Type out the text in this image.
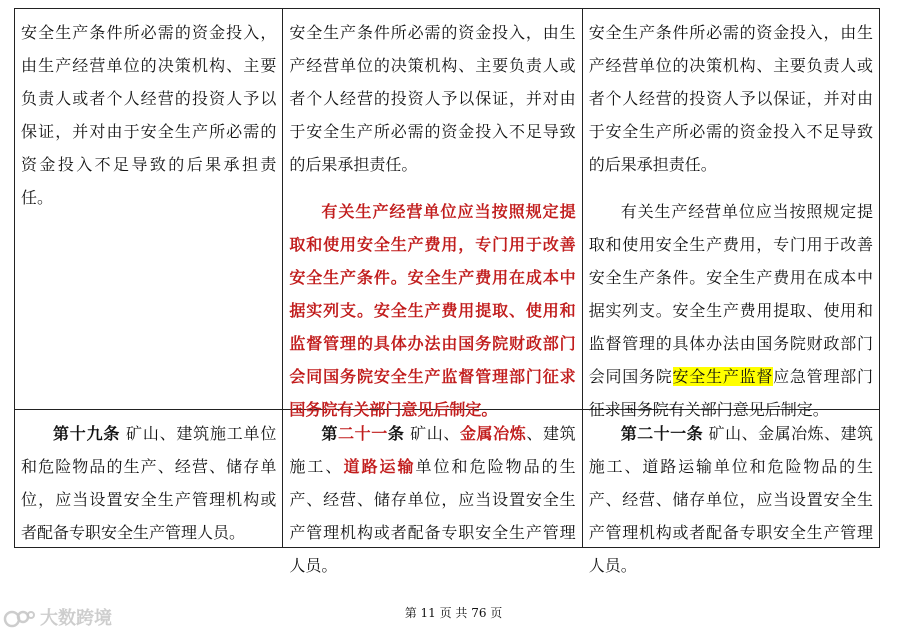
安全生产条件所必需的资金投入，由生产经营单位的决策机构、主要负责人或者个人经营的投资人予以保证，并对由于安全生产所必需的资金投入不足导致的后果承担责任。
安全生产条件所必需的资金投入，由生产经营单位的决策机构、主要负责人或者个人经营的投资人予以保证，并对由于安全生产所必需的资金投入不足导致的后果承担责任。
有关生产经营单位应当按照规定提取和使用安全生产费用，专门用于改善安全生产条件。安全生产费用在成本中据实列支。安全生产费用提取、使用和监督管理的具体办法由国务院财政部门会同国务院安全生产监督管理部门征求国务院有关部门意见后制定。
安全生产条件所必需的资金投入，由生产经营单位的决策机构、主要负责人或者个人经营的投资人予以保证，并对由于安全生产所必需的资金投入不足导致的后果承担责任。
有关生产经营单位应当按照规定提取和使用安全生产费用，专门用于改善安全生产条件。安全生产费用在成本中据实列支。安全生产费用提取、使用和监督管理的具体办法由国务院财政部门会同国务院安全生产监督应急管理部门征求国务院有关部门意见后制定。
第十九条 矿山、建筑施工单位和危险物品的生产、经营、储存单位，应当设置安全生产管理机构或者配备专职安全生产管理人员。
第二十一条 矿山、金属冶炼、建筑施工、道路运输单位和危险物品的生产、经营、储存单位，应当设置安全生产管理机构或者配备专职安全生产管理人员。
第二十一条 矿山、金属冶炼、建筑施工、道路运输单位和危险物品的生产、经营、储存单位，应当设置安全生产管理机构或者配备专职安全生产管理人员。
大数跨境	第 11 页 共 76 页
